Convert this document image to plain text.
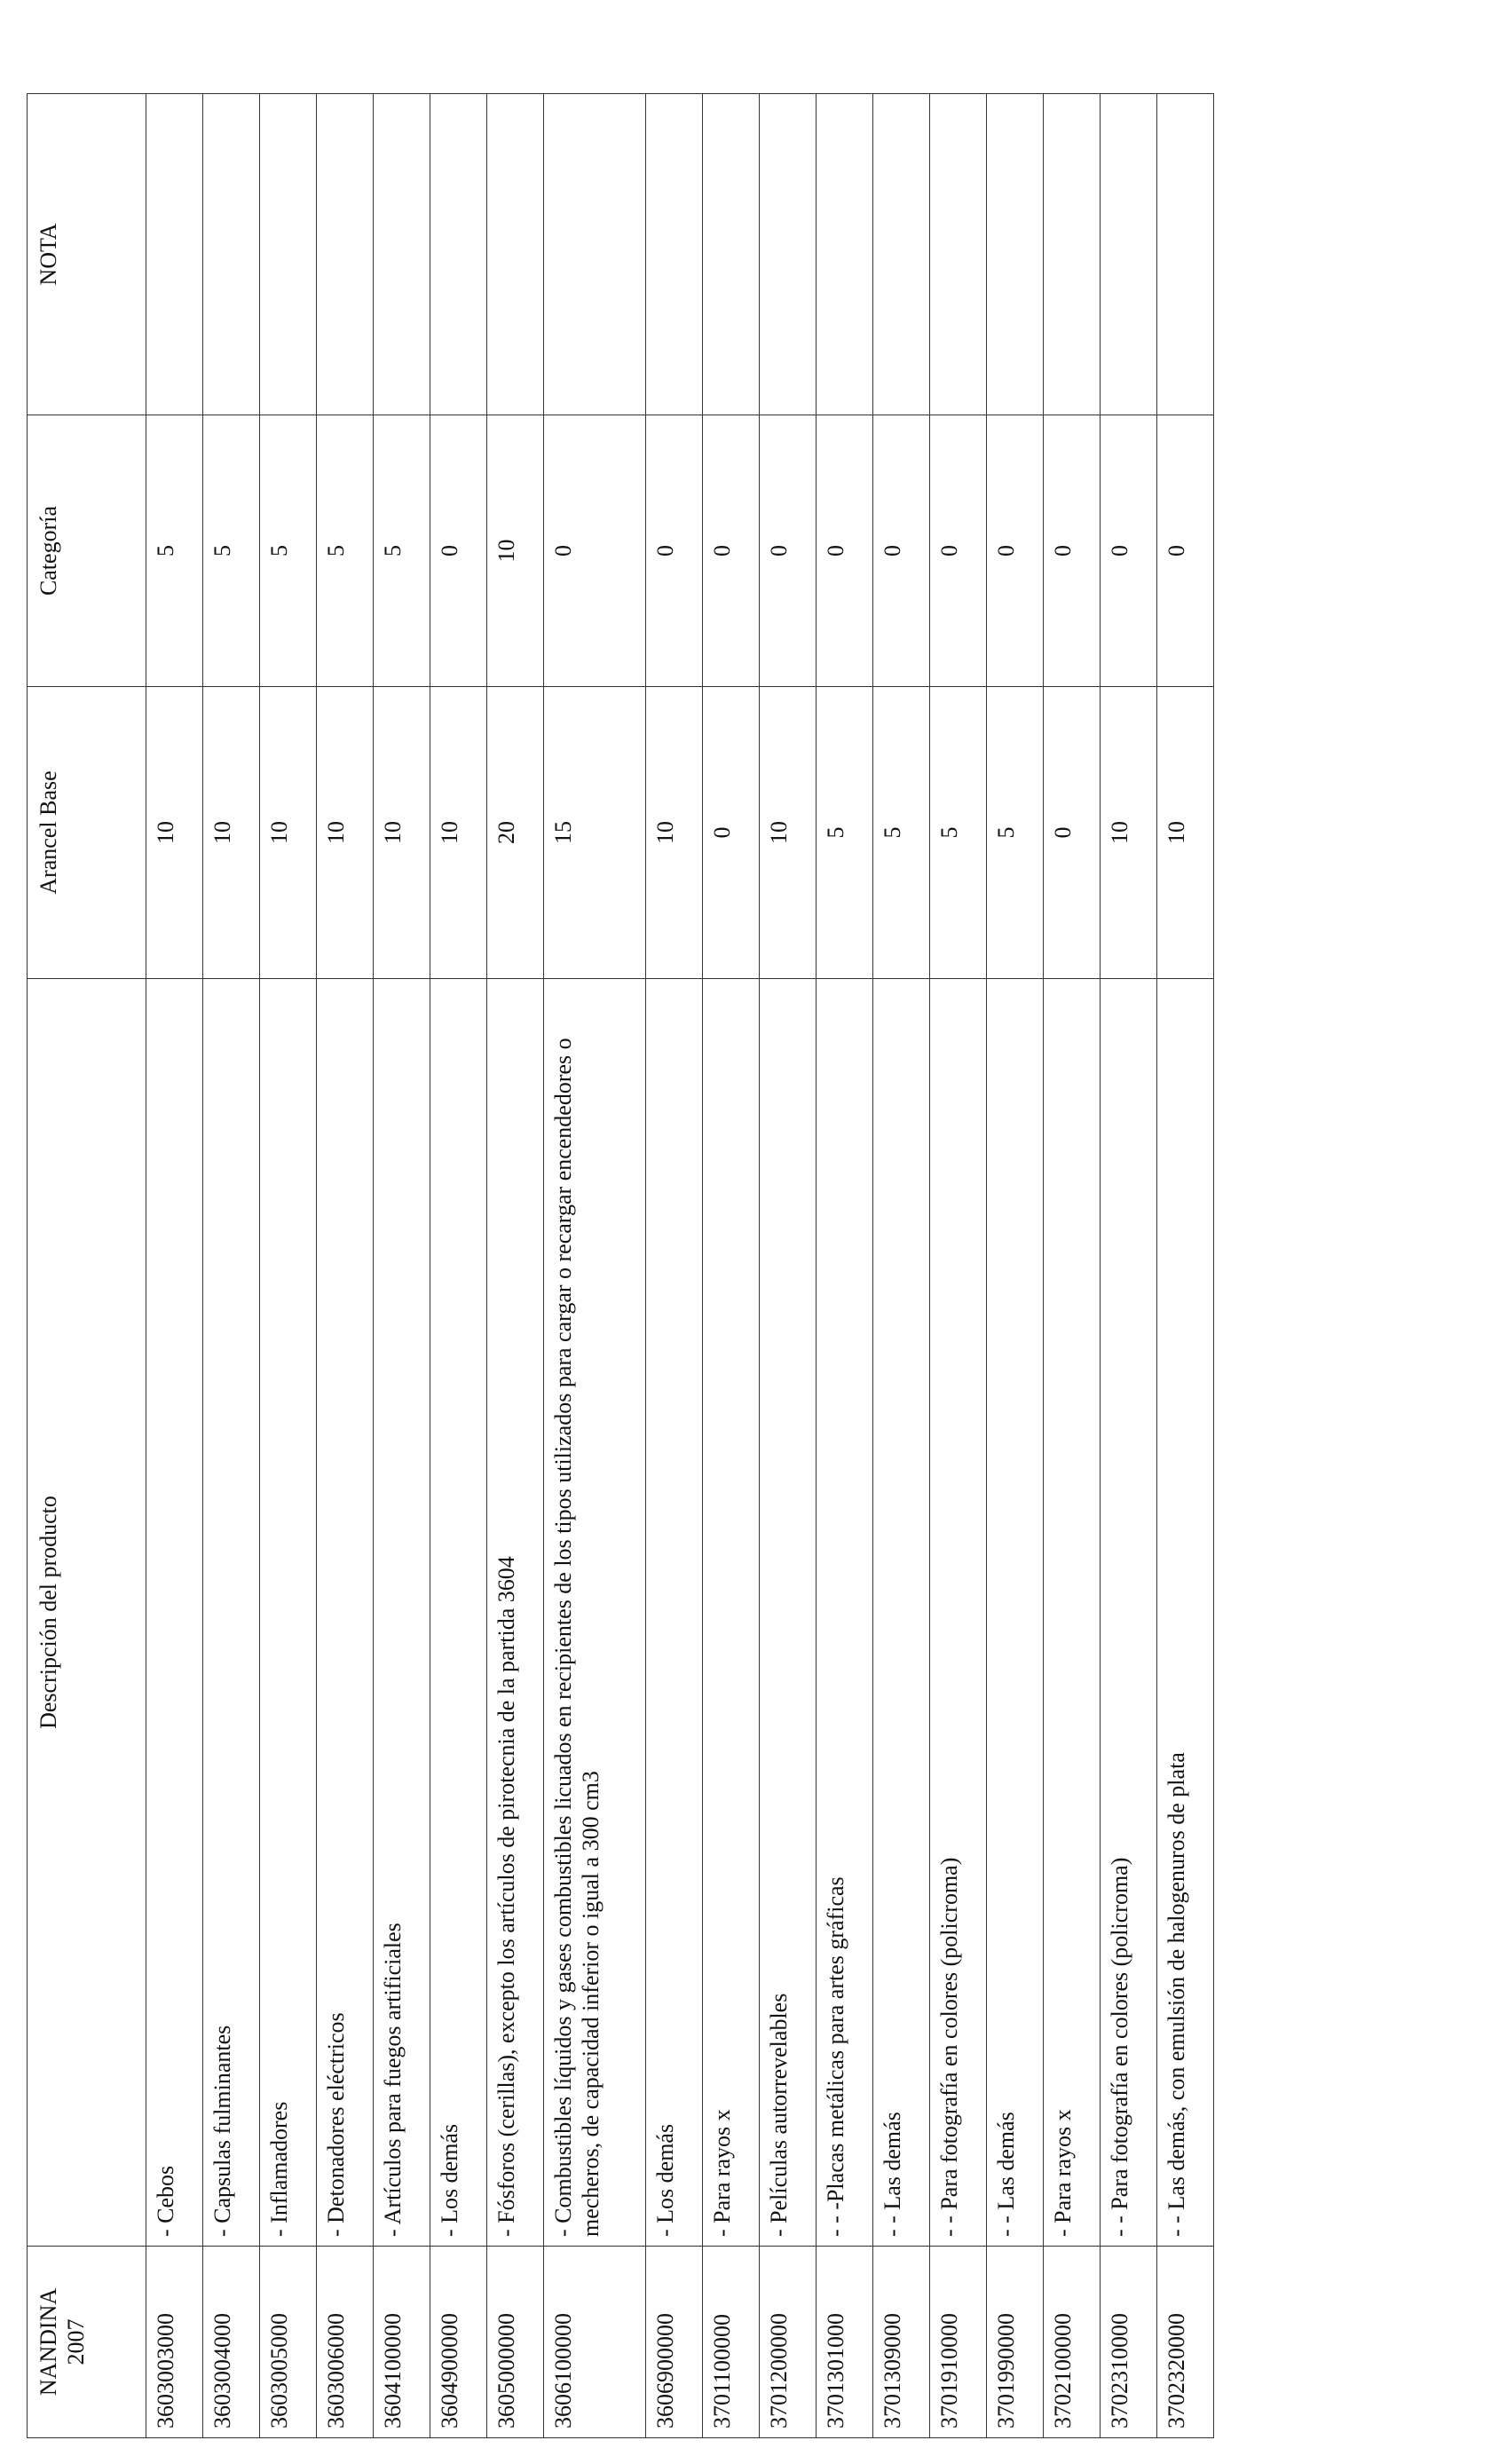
NANDINA
2007	Descripción del producto	Arancel Base	Categoría	NOTA
3603003000	- Cebos	10	5	
3603004000	- Capsulas fulminantes	10	5	
3603005000	- Inflamadores	10	5	
3603006000	- Detonadores eléctricos	10	5	
3604100000	- Artículos para fuegos artificiales	10	5	
3604900000	- Los demás	10	0	
3605000000	- Fósforos (cerillas), excepto los artículos de pirotecnia de la partida 3604	20	10	
3606100000	- Combustibles líquidos y gases combustibles licuados en recipientes de los tipos utilizados para cargar o recargar encendedores o mecheros, de capacidad inferior o igual a 300 cm3	15	0	
3606900000	- Los demás	10	0	
3701100000	- Para rayos x	0	0	
3701200000	- Películas autorrevelables	10	0	
3701301000	- - -Placas metálicas para artes gráficas	5	0	
3701309000	- - Las demás	5	0	
3701910000	- - Para fotografía en colores (policroma)	5	0	
3701990000	- - Las demás	5	0	
3702100000	- Para rayos x	0	0	
3702310000	- - Para fotografía en colores (policroma)	10	0	
3702320000	- - Las demás, con emulsión de halogenuros de plata	10	0	
